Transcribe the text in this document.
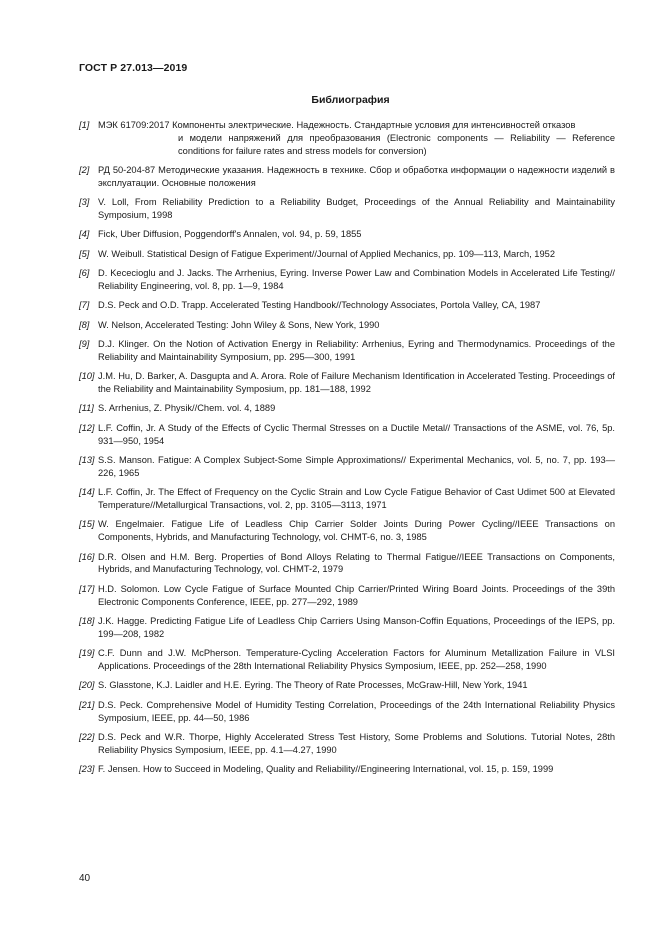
ГОСТ Р 27.013—2019
Библиография
[1] МЭК 61709:2017 Компоненты электрические. Надежность. Стандартные условия для интенсивностей отказов
и модели напряжений для преобразования (Electronic components — Reliability — Reference conditions for failure rates and stress models for conversion)
[2] РД 50-204-87 Методические указания. Надежность в технике. Сбор и обработка информации о надежности изделий в эксплуатации. Основные положения
[3] V. Loll, From Reliability Prediction to a Reliability Budget, Proceedings of the Annual Reliability and Maintainability Symposium, 1998
[4] Fick, Uber Diffusion, Poggendorff's Annalen, vol. 94, p. 59, 1855
[5] W. Weibull. Statistical Design of Fatigue Experiment//Journal of Applied Mechanics, pp. 109—113, March, 1952
[6] D. Kececioglu and J. Jacks. The Arrhenius, Eyring. Inverse Power Law and Combination Models in Accelerated Life Testing// Reliability Engineering, vol. 8, pp. 1—9, 1984
[7] D.S. Peck and O.D. Trapp. Accelerated Testing Handbook//Technology Associates, Portola Valley, CA, 1987
[8] W. Nelson, Accelerated Testing: John Wiley & Sons, New York, 1990
[9] D.J. Klinger. On the Notion of Activation Energy in Reliability: Arrhenius, Eyring and Thermodynamics. Proceedings of the Reliability and Maintainability Symposium, pp. 295—300, 1991
[10] J.M. Hu, D. Barker, A. Dasgupta and A. Arora. Role of Failure Mechanism Identification in Accelerated Testing. Proceedings of the Reliability and Maintainability Symposium, pp. 181—188, 1992
[11] S. Arrhenius, Z. Physik//Chem. vol. 4, 1889
[12] L.F. Coffin, Jr. A Study of the Effects of Cyclic Thermal Stresses on a Ductile Metal// Transactions of the ASME, vol. 76, 5p. 931—950, 1954
[13] S.S. Manson. Fatigue: A Complex Subject-Some Simple Approximations// Experimental Mechanics, vol. 5, no. 7, pp. 193—226, 1965
[14] L.F. Coffin, Jr. The Effect of Frequency on the Cyclic Strain and Low Cycle Fatigue Behavior of Cast Udimet 500 at Elevated Temperature//Metallurgical Transactions, vol. 2, pp. 3105—3113, 1971
[15] W. Engelmaier. Fatigue Life of Leadless Chip Carrier Solder Joints During Power Cycling//IEEE Transactions on Components, Hybrids, and Manufacturing Technology, vol. CHMT-6, no. 3, 1985
[16] D.R. Olsen and H.M. Berg. Properties of Bond Alloys Relating to Thermal Fatigue//IEEE Transactions on Components, Hybrids, and Manufacturing Technology, vol. CHMT-2, 1979
[17] H.D. Solomon. Low Cycle Fatigue of Surface Mounted Chip Carrier/Printed Wiring Board Joints. Proceedings of the 39th Electronic Components Conference, IEEE, pp. 277—292, 1989
[18] J.K. Hagge. Predicting Fatigue Life of Leadless Chip Carriers Using Manson-Coffin Equations, Proceedings of the IEPS, pp. 199—208, 1982
[19] C.F. Dunn and J.W. McPherson. Temperature-Cycling Acceleration Factors for Aluminum Metallization Failure in VLSI Applications. Proceedings of the 28th International Reliability Physics Symposium, IEEE, pp. 252—258, 1990
[20] S. Glasstone, K.J. Laidler and H.E. Eyring. The Theory of Rate Processes, McGraw-Hill, New York, 1941
[21] D.S. Peck. Comprehensive Model of Humidity Testing Correlation, Proceedings of the 24th International Reliability Physics Symposium, IEEE, pp. 44—50, 1986
[22] D.S. Peck and W.R. Thorpe, Highly Accelerated Stress Test History, Some Problems and Solutions. Tutorial Notes, 28th Reliability Physics Symposium, IEEE, pp. 4.1—4.27, 1990
[23] F. Jensen. How to Succeed in Modeling, Quality and Reliability//Engineering International, vol. 15, p. 159, 1999
40
